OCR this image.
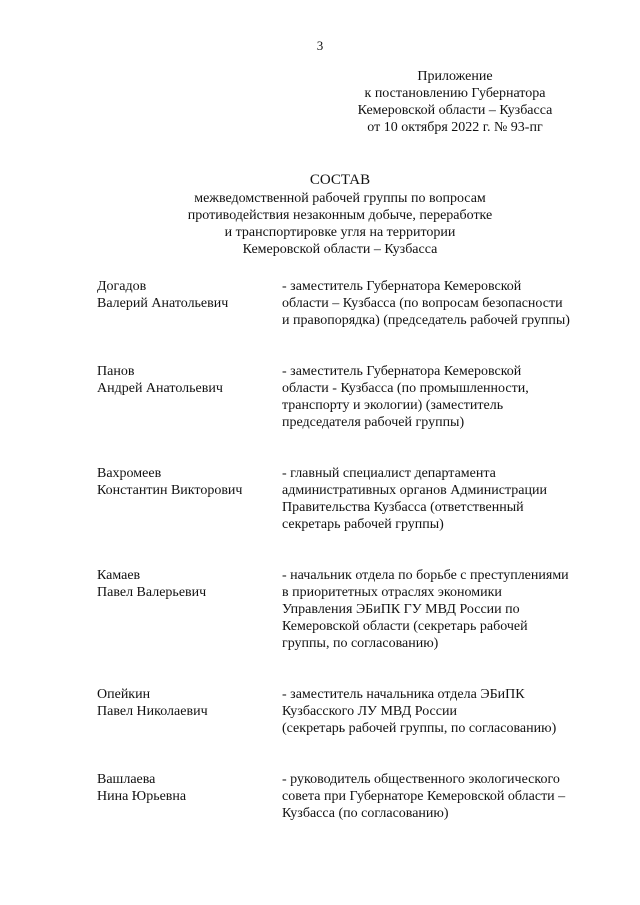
3
Приложение
к постановлению Губернатора
Кемеровской области – Кузбасса
от 10 октября 2022 г. № 93-пг
СОСТАВ
межведомственной рабочей группы по вопросам
противодействия незаконным добыче, переработке
и транспортировке угля на территории
Кемеровской области – Кузбасса
Догадов
Валерий Анатольевич
- заместитель Губернатора Кемеровской
области – Кузбасса (по вопросам безопасности
и правопорядка) (председатель рабочей группы)
Панов
Андрей Анатольевич
- заместитель Губернатора Кемеровской
области - Кузбасса (по промышленности,
транспорту и экологии) (заместитель
председателя рабочей группы)
Вахромеев
Константин Викторович
- главный специалист департамента
административных органов Администрации
Правительства Кузбасса (ответственный
секретарь рабочей группы)
Камаев
Павел Валерьевич
- начальник отдела по борьбе с преступлениями
в приоритетных отраслях экономики
Управления ЭБиПК ГУ МВД России по
Кемеровской области (секретарь рабочей
группы, по согласованию)
Опейкин
Павел Николаевич
- заместитель начальника отдела ЭБиПК
Кузбасского ЛУ МВД России
(секретарь рабочей группы, по согласованию)
Вашлаева
Нина Юрьевна
- руководитель общественного экологического
совета при Губернаторе Кемеровской области –
Кузбасса (по согласованию)
